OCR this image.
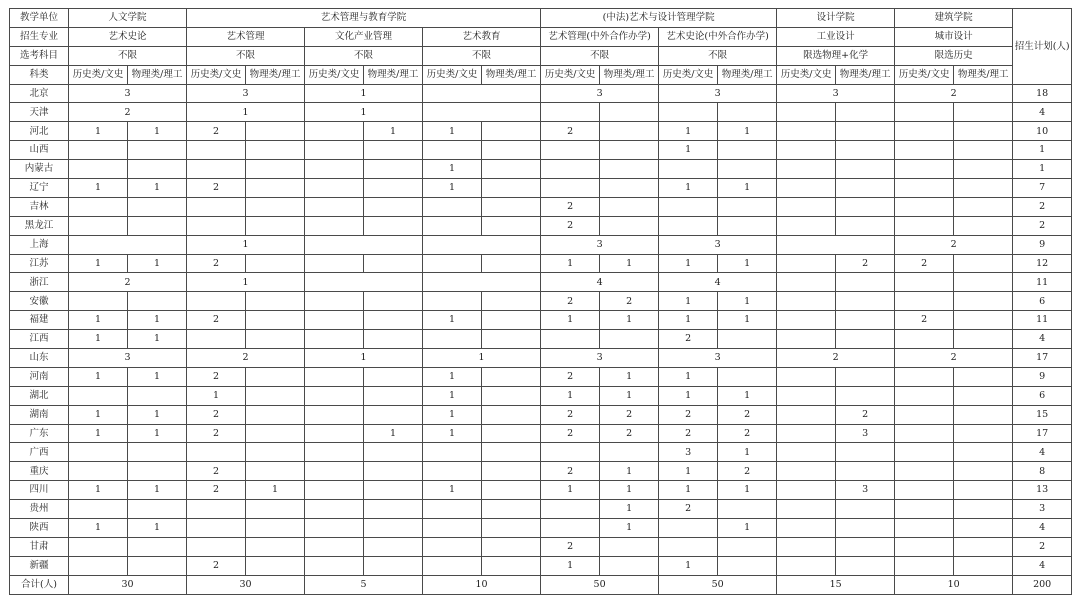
教学单位	人文学院		艺术管理与教育学院						(中法)艺术与设计管理学院				设计学院		建筑学院		招生计划(人)
招生专业	艺术史论		艺术管理		文化产业管理		艺术教育		艺术管理(中外合作办学)		艺术史论(中外合作办学)		工业设计		城市设计		
选考科目	不限		不限		不限		不限		不限		不限		限选物理+化学		限选历史		
科类	历史类/文史	物理类/理工	历史类/文史	物理类/理工	历史类/文史	物理类/理工	历史类/文史	物理类/理工	历史类/文史	物理类/理工	历史类/文史	物理类/理工	历史类/文史	物理类/理工	历史类/文史	物理类/理工	
北京	3		3		1				3		3		3		2		18
天津	2		1		1												4
河北	1	1	2			1	1		2		1	1					10
山西											1						1
内蒙古							1										1
辽宁	1	1	2				1				1	1					7
吉林									2								2
黑龙江									2								2
上海			1						3		3				2		9
江苏	1	1	2						1	1	1	1		2	2		12
浙江	2		1						4		4						11
安徽									2	2	1	1					6
福建	1	1	2				1		1	1	1	1			2		11
江西	1	1									2						4
山东	3		2		1		1		3		3		2		2		17
河南	1	1	2				1		2	1	1						9
湖北			1				1		1	1	1	1					6
湖南	1	1	2				1		2	2	2	2		2			15
广东	1	1	2			1	1		2	2	2	2		3			17
广西											3	1					4
重庆			2						2	1	1	2					8
四川	1	1	2	1			1		1	1	1	1		3			13
贵州										1	2						3
陕西	1	1								1		1					4
甘肃									2								2
新疆			2						1		1						4
合计(人)	30		30		5		10		50		50		15		10		200
